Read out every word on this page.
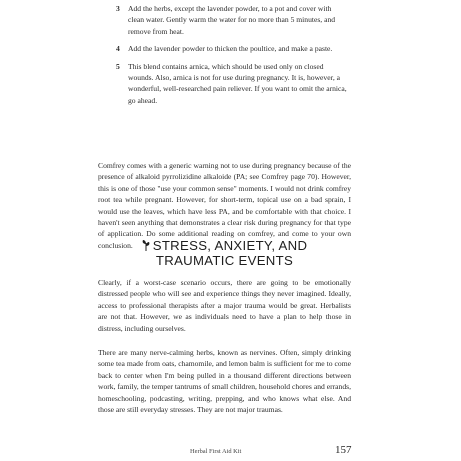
3 Add the herbs, except the lavender powder, to a pot and cover with clean water. Gently warm the water for no more than 5 minutes, and remove from heat.
4 Add the lavender powder to thicken the poultice, and make a paste.
5 This blend contains arnica, which should be used only on closed wounds. Also, arnica is not for use during pregnancy. It is, however, a wonderful, well-researched pain reliever. If you want to omit the arnica, go ahead.

Comfrey comes with a generic warning not to use during pregnancy because of the presence of alkaloid pyrrolizidine alkaloide (PA; see Comfrey page 70). However, this is one of those "use your common sense" moments. I would not drink comfrey root tea while pregnant. However, for short-term, topical use on a bad sprain, I would use the leaves, which have less PA, and be comfortable with that choice. I haven't seen anything that demonstrates a clear risk during pregnancy for that type of application. Do some additional reading on comfrey, and come to your own conclusion.	STRESS, ANXIETY, AND
TRAUMATIC EVENTS

Clearly, if a worst-case scenario occurs, there are going to be emotionally distressed people who will see and experience things they never imagined. Ideally, access to professional therapists after a major trauma would be great. Herbalists are not that. However, we as individuals need to have a plan to help those in distress, including ourselves.

There are many nerve-calming herbs, known as nervines. Often, simply drinking some tea made from oats, chamomile, and lemon balm is sufficient for me to come back to center when I'm being pulled in a thousand different directions between work, family, the temper tantrums of small children, household chores and errands, homeschooling, podcasting, writing, prepping, and who knows what else. And those are still everyday stresses. They are not major traumas.

Herbal First Aid Kit	157
